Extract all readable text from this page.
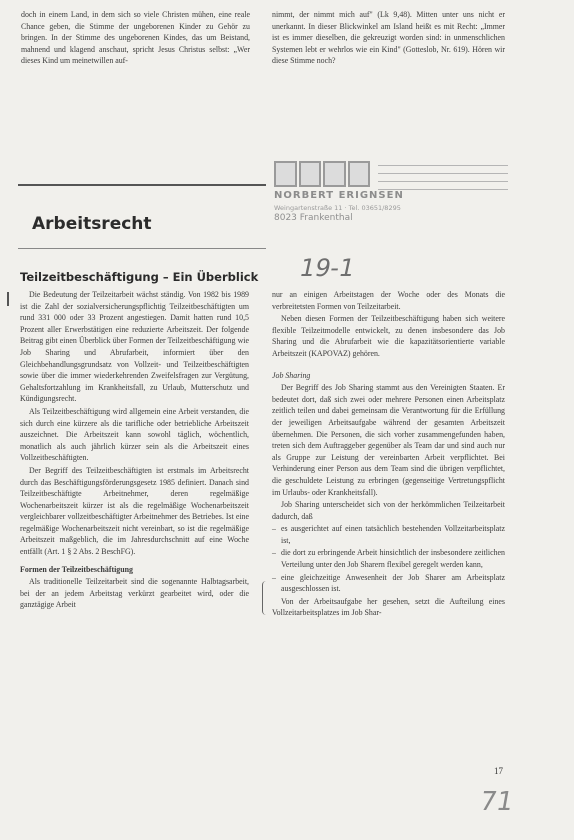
doch in einem Land, in dem sich so viele Christen mühen, eine reale Chance geben, die Stimme der ungeborenen Kinder zu Gehör zu bringen. In der Stimme des ungeborenen Kindes, das um Beistand, mahnend und klagend anschaut, spricht Jesus Christus selbst: „Wer dieses Kind um meinetwillen auf-

nimmt, der nimmt mich auf" (Lk 9,48). Mitten unter uns nicht er unerkannt. In dieser Blickwinkel am Island heißt es mit Recht: „Immer ist es immer dieselben, die gekreuzigt worden sind: in unmenschlichen Systemen lebt er wehrlos wie ein Kind" (Gotteslob, Nr. 619). Hören wir diese Stimme noch?

NORBERT ERIGNSEN
Weingartenstraße 11 · Tel. 03651/8295
8023 Frankenthal
Arbeitsrecht
Teilzeitbeschäftigung – Ein Überblick 19-1

Die Bedeutung der Teilzeitarbeit wächst ständig. Von 1982 bis 1989 ist die Zahl der sozialversicherungspflichtig Teilzeitbeschäftigten um rund 331 000 oder 33 Prozent angestiegen. Damit hatten rund 10,5 Prozent aller Erwerbstätigen eine reduzierte Arbeitszeit. Der folgende Beitrag gibt einen Überblick über Formen der Teilzeitbeschäftigung wie Job Sharing und Abrufarbeit, informiert über den Gleichbehandlungsgrundsatz von Vollzeit- und Teilzeitbeschäftigten sowie über die immer wiederkehrenden Zweifelsfragen zur Vergütung, Gehaltsfortzahlung im Krankheitsfall, zu Urlaub, Mutterschutz und Kündigungsrecht.

Als Teilzeitbeschäftigung wird allgemein eine Arbeit verstanden, die sich durch eine kürzere als die tarifliche oder betriebliche Arbeitszeit auszeichnet. Die Arbeitszeit kann sowohl täglich, wöchentlich, monatlich als auch jährlich kürzer sein als die Arbeitszeit eines Vollzeitbeschäftigten.

Der Begriff des Teilzeitbeschäftigten ist erstmals im Arbeitsrecht durch das Beschäftigungsförderungsgesetz 1985 definiert. Danach sind Teilzeitbeschäftigte Arbeitnehmer, deren regelmäßige Wochenarbeitszeit kürzer ist als die regelmäßige Wochenarbeitszeit vergleichbarer vollzeitbeschäftigter Arbeitnehmer des Betriebes. Ist eine regelmäßige Wochenarbeitszeit nicht vereinbart, so ist die regelmäßige Arbeitszeit maßgeblich, die im Jahresdurchschnitt auf eine Woche entfällt (Art. 1 § 2 Abs. 2 BeschFG).

Formen der Teilzeitbeschäftigung

Als traditionelle Teilzeitarbeit sind die sogenannte Halbtagsarbeit, bei der an jedem Arbeitstag verkürzt gearbeitet wird, oder die ganztägige Arbeit

nur an einigen Arbeitstagen der Woche oder des Monats die verbreitetsten Formen von Teilzeitarbeit.

Neben diesen Formen der Teilzeitbeschäftigung haben sich weitere flexible Teilzeitmodelle entwickelt, zu denen insbesondere das Job Sharing und die Abrufarbeit wie die kapazitätsorientierte variable Arbeitszeit (KAPOVAZ) gehören.

Job Sharing

Der Begriff des Job Sharing stammt aus den Vereinigten Staaten. Er bedeutet dort, daß sich zwei oder mehrere Personen einen Arbeitsplatz zeitlich teilen und dabei gemeinsam die Verantwortung für die Erfüllung der jeweiligen Arbeitsaufgabe während der gesamten Arbeitszeit übernehmen. Die Personen, die sich vorher zusammengefunden haben, treten sich dem Auftraggeber gegenüber als Team dar und sind auch nur als Gruppe zur Leistung der vereinbarten Arbeit verpflichtet. Bei Verhinderung einer Person aus dem Team sind die übrigen verpflichtet, die geschuldete Leistung zu erbringen (gegenseitige Vertretungspflicht im Urlaubs- oder Krankheitsfall).

Job Sharing unterscheidet sich von der herkömmlichen Teilzeitarbeit dadurch, daß

– es ausgerichtet auf einen tatsächlich bestehenden Vollzeitarbeitsplatz ist,

– die dort zu erbringende Arbeit hinsichtlich der insbesondere zeitlichen Verteilung unter den Job Sharern flexibel geregelt werden kann,

– eine gleichzeitige Anwesenheit der Job Sharer am Arbeitsplatz ausgeschlossen ist.

Von der Arbeitsaufgabe her gesehen, setzt die Aufteilung eines Vollzeitarbeitsplatzes im Job Shar-

17
71
